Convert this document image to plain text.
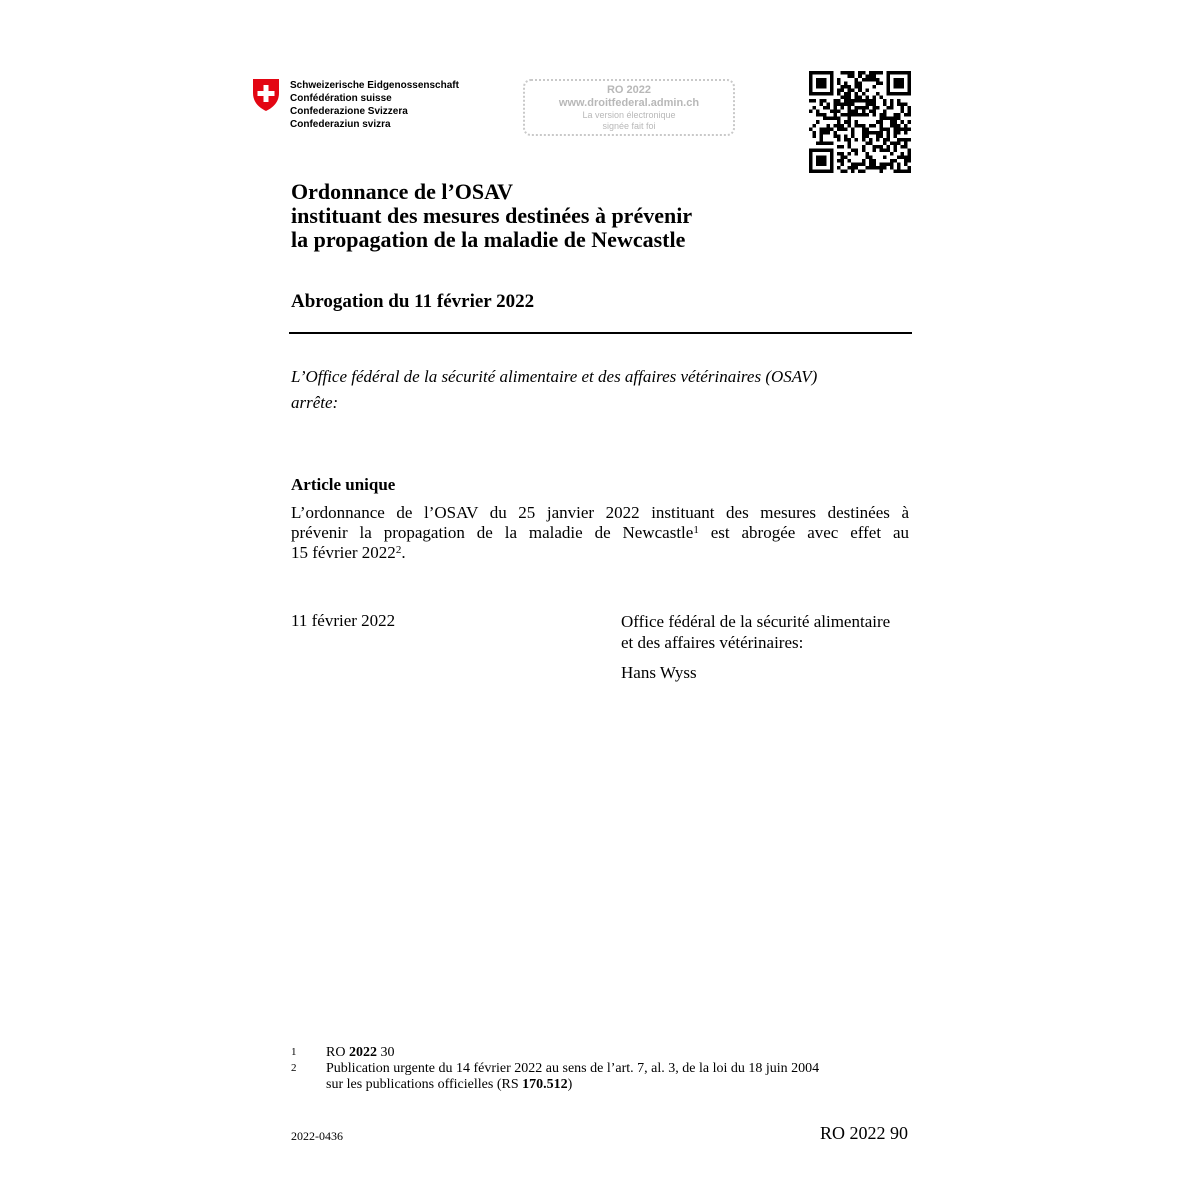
Schweizerische Eidgenossenschaft
Confédération suisse
Confederazione Svizzera
Confederaziun svizra
RO 2022
www.droitfederal.admin.ch
La version électronique
signée fait foi
Ordonnance de l’OSAV
instituant des mesures destinées à prévenir
la propagation de la maladie de Newcastle
Abrogation du 11 février 2022
L’Office fédéral de la sécurité alimentaire et des affaires vétérinaires (OSAV)
arrête:
Article unique
L’ordonnance de l’OSAV du 25 janvier 2022 instituant des mesures destinées à
prévenir la propagation de la maladie de Newcastle$^1$ est abrogée avec effet au
15 février 2022$^2$.
11 février 2022	Office fédéral de la sécurité alimentaire
et des affaires vétérinaires:
Hans Wyss
1	RO 2022 30
2	Publication urgente du 14 février 2022 au sens de l’art. 7, al. 3, de la loi du 18 juin 2004
sur les publications officielles (RS 170.512)
2022-0436	RO 2022 90
